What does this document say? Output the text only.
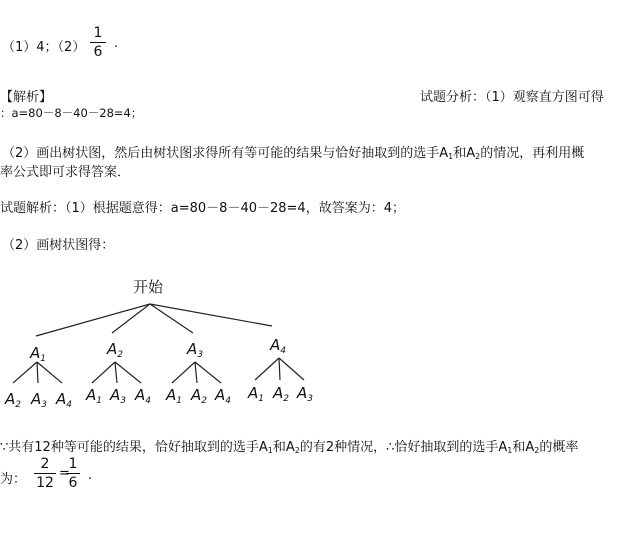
（1）4；（2）
1
6
.
【解析】	试题分析：（1）观察直方图可得
：a=80－8－40－28=4；
（2）画出树状图，然后由树状图求得所有等可能的结果与恰好抽取到的选手$A_1$和$A_2$的情况，再利用概
率公式即可求得答案．
试题解析：（1）根据题意得：a=80－8－40－28=4，故答案为：4；
（2）画树状图得：
开始
$A_1$
$A_2$	$A_3$
$A_4$
$A_2$ $A_3$ $A_4$
$A_1$ $A_3$ $A_4$ $A_1$ $A_2$ $A_4$ $A_1$ $A_2$ $A_3$
∵共有12种等可能的结果，恰好抽取到的选手$A_1$和$A_2$的有2种情况，∴恰好抽取到的选手$A_1$和$A_2$的概率
为：
2
12
=
1
6 .
